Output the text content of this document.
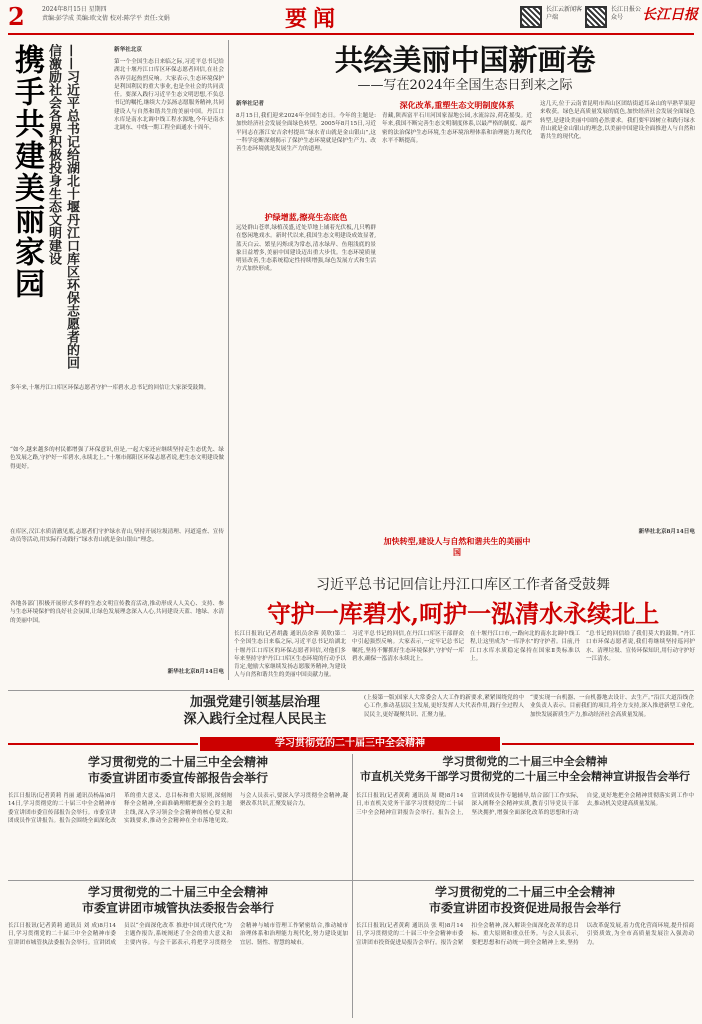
2	2024年8月15日 星期四
责编:彭学成 美编:欧文倩 校对:陈学平 责任:文娟	要闻	长江云新闻客户端
长江日报公众号	长江日报
携手共建美丽家园	——习近平总书记给湖北十堰丹江口库区环保志愿者的回信激励社会各界积极投身生态文明建设	新华社北京
第一个全国生态日来临之际,习近平总书记给湖北十堰丹江口库区环保志愿者回信,在社会各界引起热烈反响。大家表示,生态环境保护是利国利民的重大事业,也是全社会的共同责任。要深入践行习近平生态文明思想,不负总书记的嘱托,继续大力弘扬志愿服务精神,共同建设人与自然和谐共生的美丽中国。丹江口水库是南水北调中线工程水源地,今年是南水北调东、中线一期工程全面通水十周年。
多年来,十堰丹江口库区环保志愿者守护一库碧水,总书记的回信让大家深受鼓舞。
“如今,越来越多的村民都增强了环保意识,但是,一起大家还应继续坚持走生态优先、绿色发展之路,守护好一库碧水,永续北上。”十堰市郧阳区环保志愿者说,把生态文明建设做得更好。
在库区,汉江水质清澈见底,志愿者们守护绿水青山,坚持开展垃圾清理、河道巡查、宣传动员等活动,用实际行动践行“绿水青山就是金山银山”理念。
各地各部门积极开展形式多样的生态文明宣传教育活动,推动形成人人关心、支持、参与生态环境保护的良好社会氛围,让绿色发展理念深入人心,共同建设天蓝、地绿、水清的美丽中国。
新华社北京8月14日电
共绘美丽中国新画卷
——写在2024年全国生态日到来之际
新华社记者
8月15日,我们迎来2024年全国生态日。今年的主题是:加快经济社会发展全面绿色转型。2005年8月15日,习近平同志在浙江安吉余村提出“绿水青山就是金山银山”,这一科学论断深刻揭示了保护生态环境就是保护生产力、改善生态环境就是发展生产力的道理。
护绿增蓝,擦亮生态底色
远处群山苍翠,绿植茂盛,近处草地上铺着光伏板,几只鸭群在悠闲地戏水。新时代以来,我国生态文明建设成效显著,蓝天白云、繁星闪烁成为常态,清水绿岸、鱼翔浅底的景象日益增多,美丽中国建设迈出重大步伐。生态环境质量明显改善,生态系统稳定性持续增强,绿色发展方式和生活方式加快形成。
深化改革,重塑生态文明制度体系
青藏,陕西富平石川河国家湿地公园,水流淙淙,荷花摇曳。近年来,我国不断完善生态文明制度体系,以最严格的制度、最严密的法治保护生态环境,生态环境治理体系和治理能力现代化水平不断提高。
加快转型,建设人与自然和谐共生的美丽中国
这几天,位于云南省昆明市西山区团结街道耳朵山的早熟苹果迎来收获。绿色是高质量发展的底色,加快经济社会发展全面绿色转型,是建设美丽中国的必然要求。我们要牢固树立和践行绿水青山就是金山银山的理念,以美丽中国建设全面推进人与自然和谐共生的现代化。
新华社北京8月14日电
习近平总书记回信让丹江口库区工作者备受鼓舞
守护一库碧水,呵护一泓清水永续北上
长江日报讯(记者胡鑫 通讯员余蓉 黄欣)第二个全国生态日来临之际,习近平总书记给湖北十堰丹江口库区的环保志愿者回信,对他们多年来坚持守护丹江口库区生态环境的行动予以肯定,勉励大家继续发扬志愿服务精神,为建设人与自然和谐共生的美丽中国贡献力量。
习近平总书记的回信,在丹江口库区干部群众中引起强烈反响。大家表示,一定牢记总书记嘱托,坚持不懈抓好生态环境保护,守护好一库碧水,确保一泓清水永续北上。
在十堰丹江口市,一路向北的南水北调中线工程,让这里成为“一库净水”的守护者。目前,丹江口水库水质稳定保持在国家Ⅱ类标准以上。
“总书记的回信给了我们莫大的鼓舞。”丹江口市环保志愿者说,我们将继续坚持巡河护水、清理垃圾、宣传环保知识,用行动守护好一江清水。
加强党建引领基层治理
深入践行全过程人民民主
(上接第一版)国家人大常委会人大工作的新要求,紧紧围绕党的中心工作,推动基层民主发展,更好发挥人大代表作用,践行全过程人民民主,更好凝聚共识、汇聚力量。
“要实现一台机器、一台机器地去设计、去生产。”沿江大道沿线企业负责人表示。目前我们的项目,将全力支持,深入推进新型工业化,加快发展新质生产力,推动经济社会高质量发展。
学习贯彻党的二十届三中全会精神
学习贯彻党的二十届三中全会精神
市委宣讲团市委宣传部报告会举行
长江日报讯(记者黄莉 肖丽 通讯员杨晶)8月14日,学习贯彻党的二十届三中全会精神市委宣讲团市委宣传部报告会举行。市委宣讲团成员作宣讲报告。报告会围绕全面深化改革的重大意义、总目标和重大原则,深刻阐释全会精神,全面准确理解把握全会的主题主线,深入学习领会全会精神的核心要义和实践要求,推动全会精神在全市落地见效。与会人员表示,要深入学习贯彻全会精神,凝聚改革共识,汇聚发展合力。
学习贯彻党的二十届三中全会精神
市直机关党务干部学习贯彻党的二十届三中全会精神宣讲报告会举行
长江日报讯(记者黄莉 通讯员 周 晓)8月14日,市直机关党务干部学习贯彻党的二十届三中全会精神宣讲报告会举行。报告会上,宣讲团成员作专题辅导,结合部门工作实际,深入阐释全会精神实质,教育引导党员干部坚决拥护,增强全面深化改革的思想和行动自觉,更好地把全会精神贯彻落实到工作中去,推动机关党建高质量发展。
学习贯彻党的二十届三中全会精神
市委宣讲团市城管执法委报告会举行
长江日报讯(记者黄莉 通讯员 刘 成)8月14日,学习贯彻党的二十届三中全会精神市委宣讲团市城管执法委报告会举行。宣讲团成员以“全面深化改革 推进中国式现代化”为主题作报告,系统阐述了全会的重大意义和主要内容。与会干部表示,将把学习贯彻全会精神与城市管理工作紧密结合,推动城市治理体系和治理能力现代化,努力建设更加宜居、韧性、智慧的城市。
学习贯彻党的二十届三中全会精神
市委宣讲团市投资促进局报告会举行
长江日报讯(记者黄莉 通讯员 张 明)8月14日,学习贯彻党的二十届三中全会精神市委宣讲团市投资促进局报告会举行。报告会紧扣全会精神,深入解读全面深化改革的总目标、重大原则和重点任务。与会人员表示,要把思想和行动统一到全会精神上来,坚持以改革促发展,着力优化营商环境,提升招商引资质效,为全市高质量发展注入强劲动力。
